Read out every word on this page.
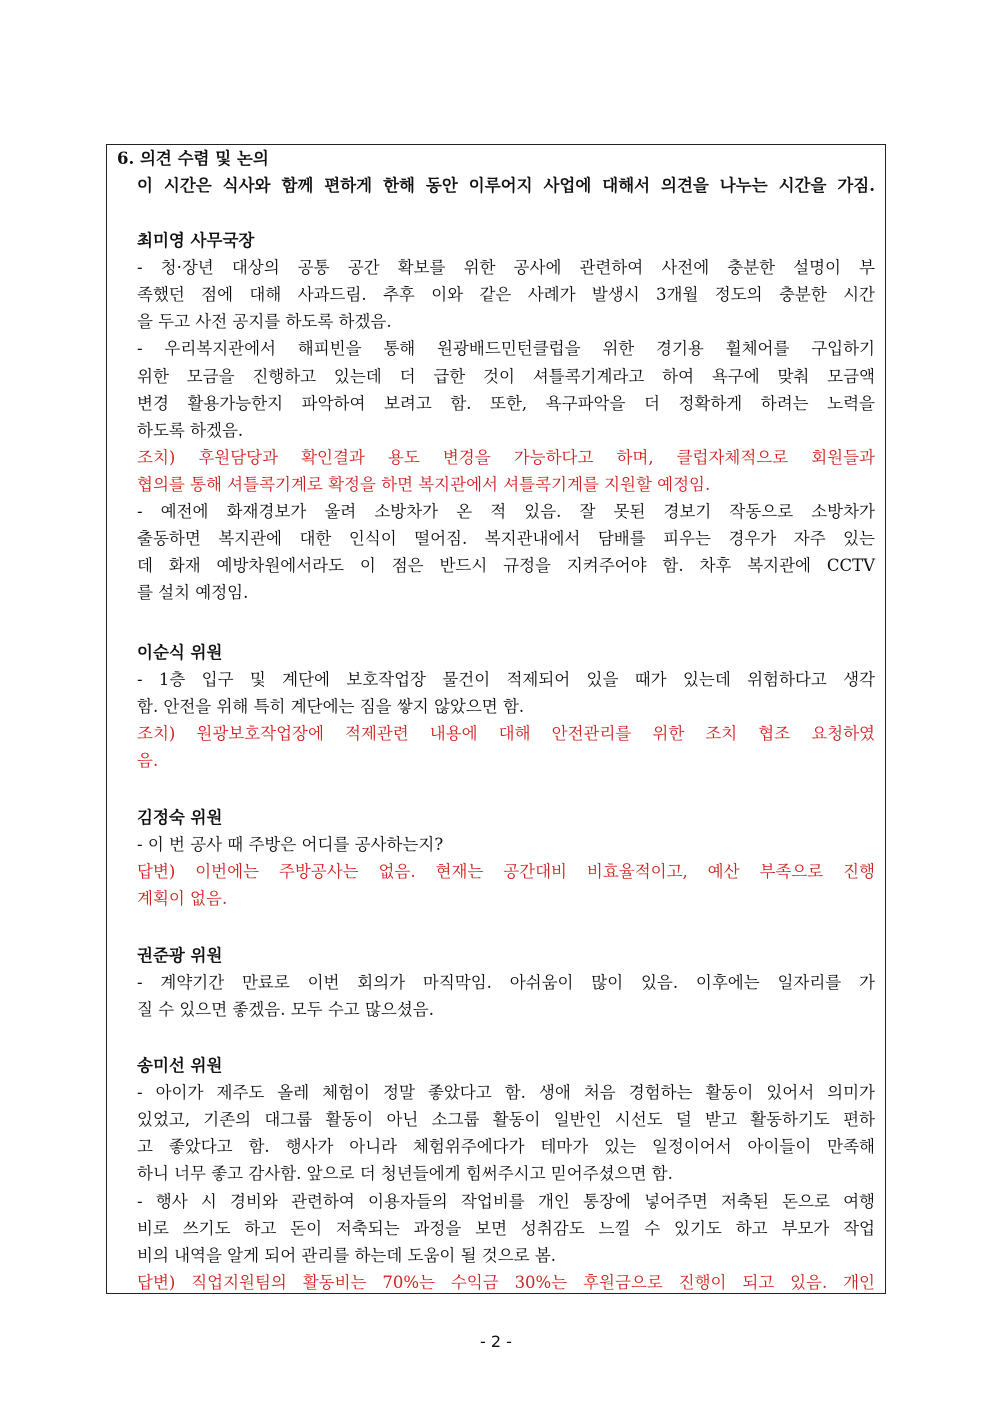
6. 의견 수렴 및 논의
이 시간은 식사와 함께 편하게 한해 동안 이루어지 사업에 대해서 의견을 나누는 시간을 가짐.
최미영 사무국장
- 청·장년 대상의 공통 공간 확보를 위한 공사에 관련하여 사전에 충분한 설명이 부
족했던 점에 대해 사과드림. 추후 이와 같은 사례가 발생시 3개월 정도의 충분한 시간
을 두고 사전 공지를 하도록 하겠음.
- 우리복지관에서 해피빈을 통해 원광배드민턴클럽을 위한 경기용 휠체어를 구입하기
위한 모금을 진행하고 있는데 더 급한 것이 셔틀콕기계라고 하여 욕구에 맞춰 모금액
변경 활용가능한지 파악하여 보려고 함. 또한, 욕구파악을 더 정확하게 하려는 노력을
하도록 하겠음.
조치) 후원담당과 확인결과 용도 변경을 가능하다고 하며, 클럽자체적으로 회원들과
협의를 통해 셔틀콕기계로 확정을 하면 복지관에서 셔틀콕기계를 지원할 예정임.
- 예전에 화재경보가 울려 소방차가 온 적 있음. 잘 못된 경보기 작동으로 소방차가
출동하면 복지관에 대한 인식이 떨어짐. 복지관내에서 담배를 피우는 경우가 자주 있는
데 화재 예방차원에서라도 이 점은 반드시 규정을 지켜주어야 함. 차후 복지관에 CCTV
를 설치 예정임.
이순식 위원
- 1층 입구 및 계단에 보호작업장 물건이 적제되어 있을 때가 있는데 위험하다고 생각
함. 안전을 위해 특히 계단에는 짐을 쌓지 않았으면 함.
조치) 원광보호작업장에 적제관련 내용에 대해 안전관리를 위한 조치 협조 요청하였
음.
김정숙 위원
- 이 번 공사 때 주방은 어디를 공사하는지?
답변) 이번에는 주방공사는 없음. 현재는 공간대비 비효율적이고, 예산 부족으로 진행
계획이 없음.
권준광 위원
- 계약기간 만료로 이번 회의가 마직막임. 아쉬움이 많이 있음. 이후에는 일자리를 가
질 수 있으면 좋겠음. 모두 수고 많으셨음.
송미선 위원
- 아이가 제주도 올레 체험이 정말 좋았다고 함. 생애 처음 경험하는 활동이 있어서 의미가
있었고, 기존의 대그룹 활동이 아닌 소그룹 활동이 일반인 시선도 덜 받고 활동하기도 편하
고 좋았다고 함. 행사가 아니라 체험위주에다가 테마가 있는 일정이어서 아이들이 만족해
하니 너무 좋고 감사함. 앞으로 더 청년들에게 힘써주시고 믿어주셨으면 함.
- 행사 시 경비와 관련하여 이용자들의 작업비를 개인 통장에 넣어주면 저축된 돈으로 여행
비로 쓰기도 하고 돈이 저축되는 과정을 보면 성취감도 느낄 수 있기도 하고 부모가 작업
비의 내역을 알게 되어 관리를 하는데 도움이 될 것으로 봄.
답변) 직업지원팀의 활동비는 70%는 수익금 30%는 후원금으로 진행이 되고 있음. 개인
- 2 -
